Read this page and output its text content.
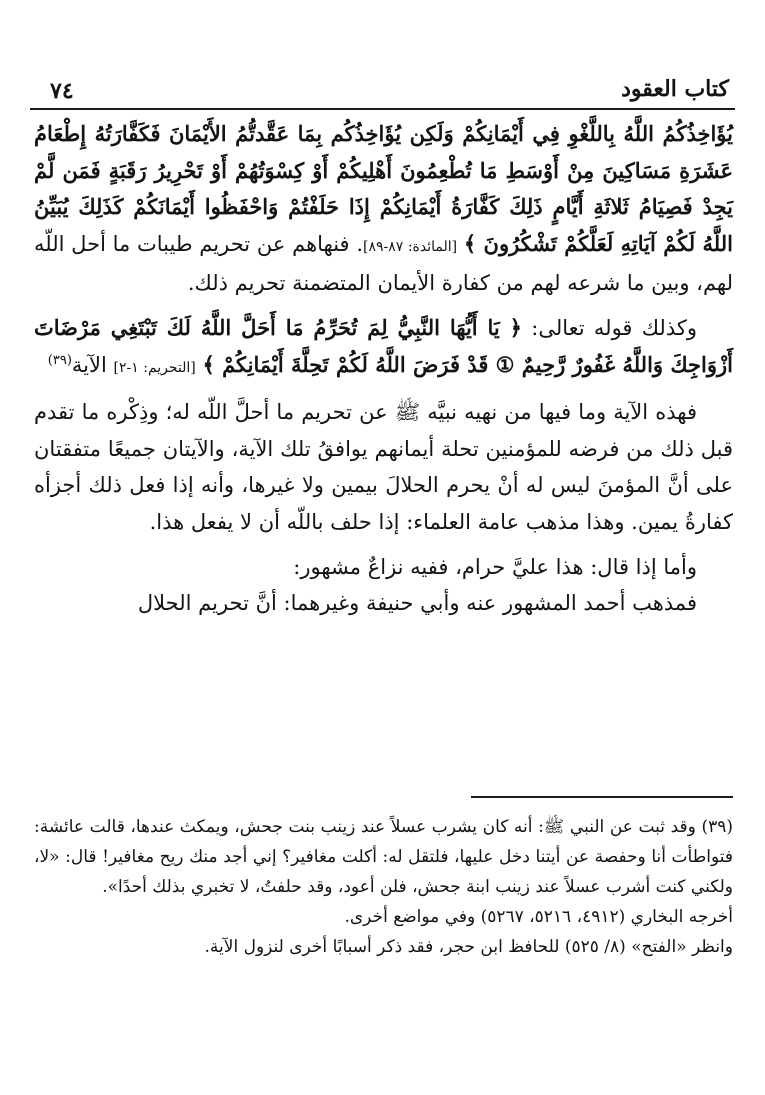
كتاب العقود
٧٤

يُؤَاخِذُكُمُ اللَّهُ بِاللَّغْوِ فِي أَيْمَانِكُمْ وَلَكِن يُؤَاخِذُكُم بِمَا عَقَّدتُّمُ الأَيْمَانَ فَكَفَّارَتُهُ إِطْعَامُ عَشَرَةِ مَسَاكِينَ مِنْ أَوْسَطِ مَا تُطْعِمُونَ أَهْلِيكُمْ أَوْ كِسْوَتُهُمْ أَوْ تَحْرِيرُ رَقَبَةٍ فَمَن لَّمْ يَجِدْ فَصِيَامُ ثَلاثَةِ أَيَّامٍ ذَلِكَ كَفَّارَةُ أَيْمَانِكُمْ إِذَا حَلَفْتُمْ وَاحْفَظُوا أَيْمَانَكُمْ كَذَلِكَ يُبَيِّنُ اللَّهُ لَكُمْ آيَاتِهِ لَعَلَّكُمْ تَشْكُرُونَ ﴾ [المائدة: ٨٧-٨٩]. فنهاهم عن تحريم طيبات ما أحل اللّه لهم، وبين ما شرعه لهم من كفارة الأيمان المتضمنة تحريم ذلك.

وكذلك قوله تعالى: ﴿ يَا أَيُّهَا النَّبِيُّ لِمَ تُحَرِّمُ مَا أَحَلَّ اللَّهُ لَكَ تَبْتَغِي مَرْضَاتَ أَزْوَاجِكَ وَاللَّهُ غَفُورٌ رَّحِيمٌ ① قَدْ فَرَضَ اللَّهُ لَكُمْ تَحِلَّةَ أَيْمَانِكُمْ ﴾ [التحريم: ١-٢] الآية$^{(٣٩)}$

فهذه الآية وما فيها من نهيه نبيَّه ﷺ عن تحريم ما أحلَّ اللّه له؛ وذِكْره ما تقدم قبل ذلك من فرضه للمؤمنين تحلة أيمانهم يوافقُ تلك الآية، والآيتان جميعًا متفقتان على أنَّ المؤمنَ ليس له أنْ يحرم الحلالَ بيمين ولا غيرها، وأنه إذا فعل ذلك أجزأه كفارةُ يمين. وهذا مذهب عامة العلماء: إذا حلف باللّه أن لا يفعل هذا.

وأما إذا قال: هذا عليَّ حرام، ففيه نزاعٌ مشهور:

فمذهب أحمد المشهور عنه وأبي حنيفة وغيرهما: أنَّ تحريم الحلال

(٣٩) وقد ثبت عن النبي ﷺ: أنه كان يشرب عسلاً عند زينب بنت جحش، ويمكث عندها، قالت عائشة: فتواطأت أنا وحفصة عن أيتنا دخل عليها، فلتقل له: أكلت مغافير؟ إني أجد منك ريح مغافير! قال: «لا، ولكني كنت أشرب عسلاً عند زينب ابنة جحش، فلن أعود، وقد حلفتُ، لا تخبري بذلك أحدًا».

أخرجه البخاري (٤٩١٢، ٥٢١٦، ٥٢٦٧) وفي مواضع أخرى.

وانظر «الفتح» (٨/ ٥٢٥) للحافظ ابن حجر، فقد ذكر أسبابًا أخرى لنزول الآية.
